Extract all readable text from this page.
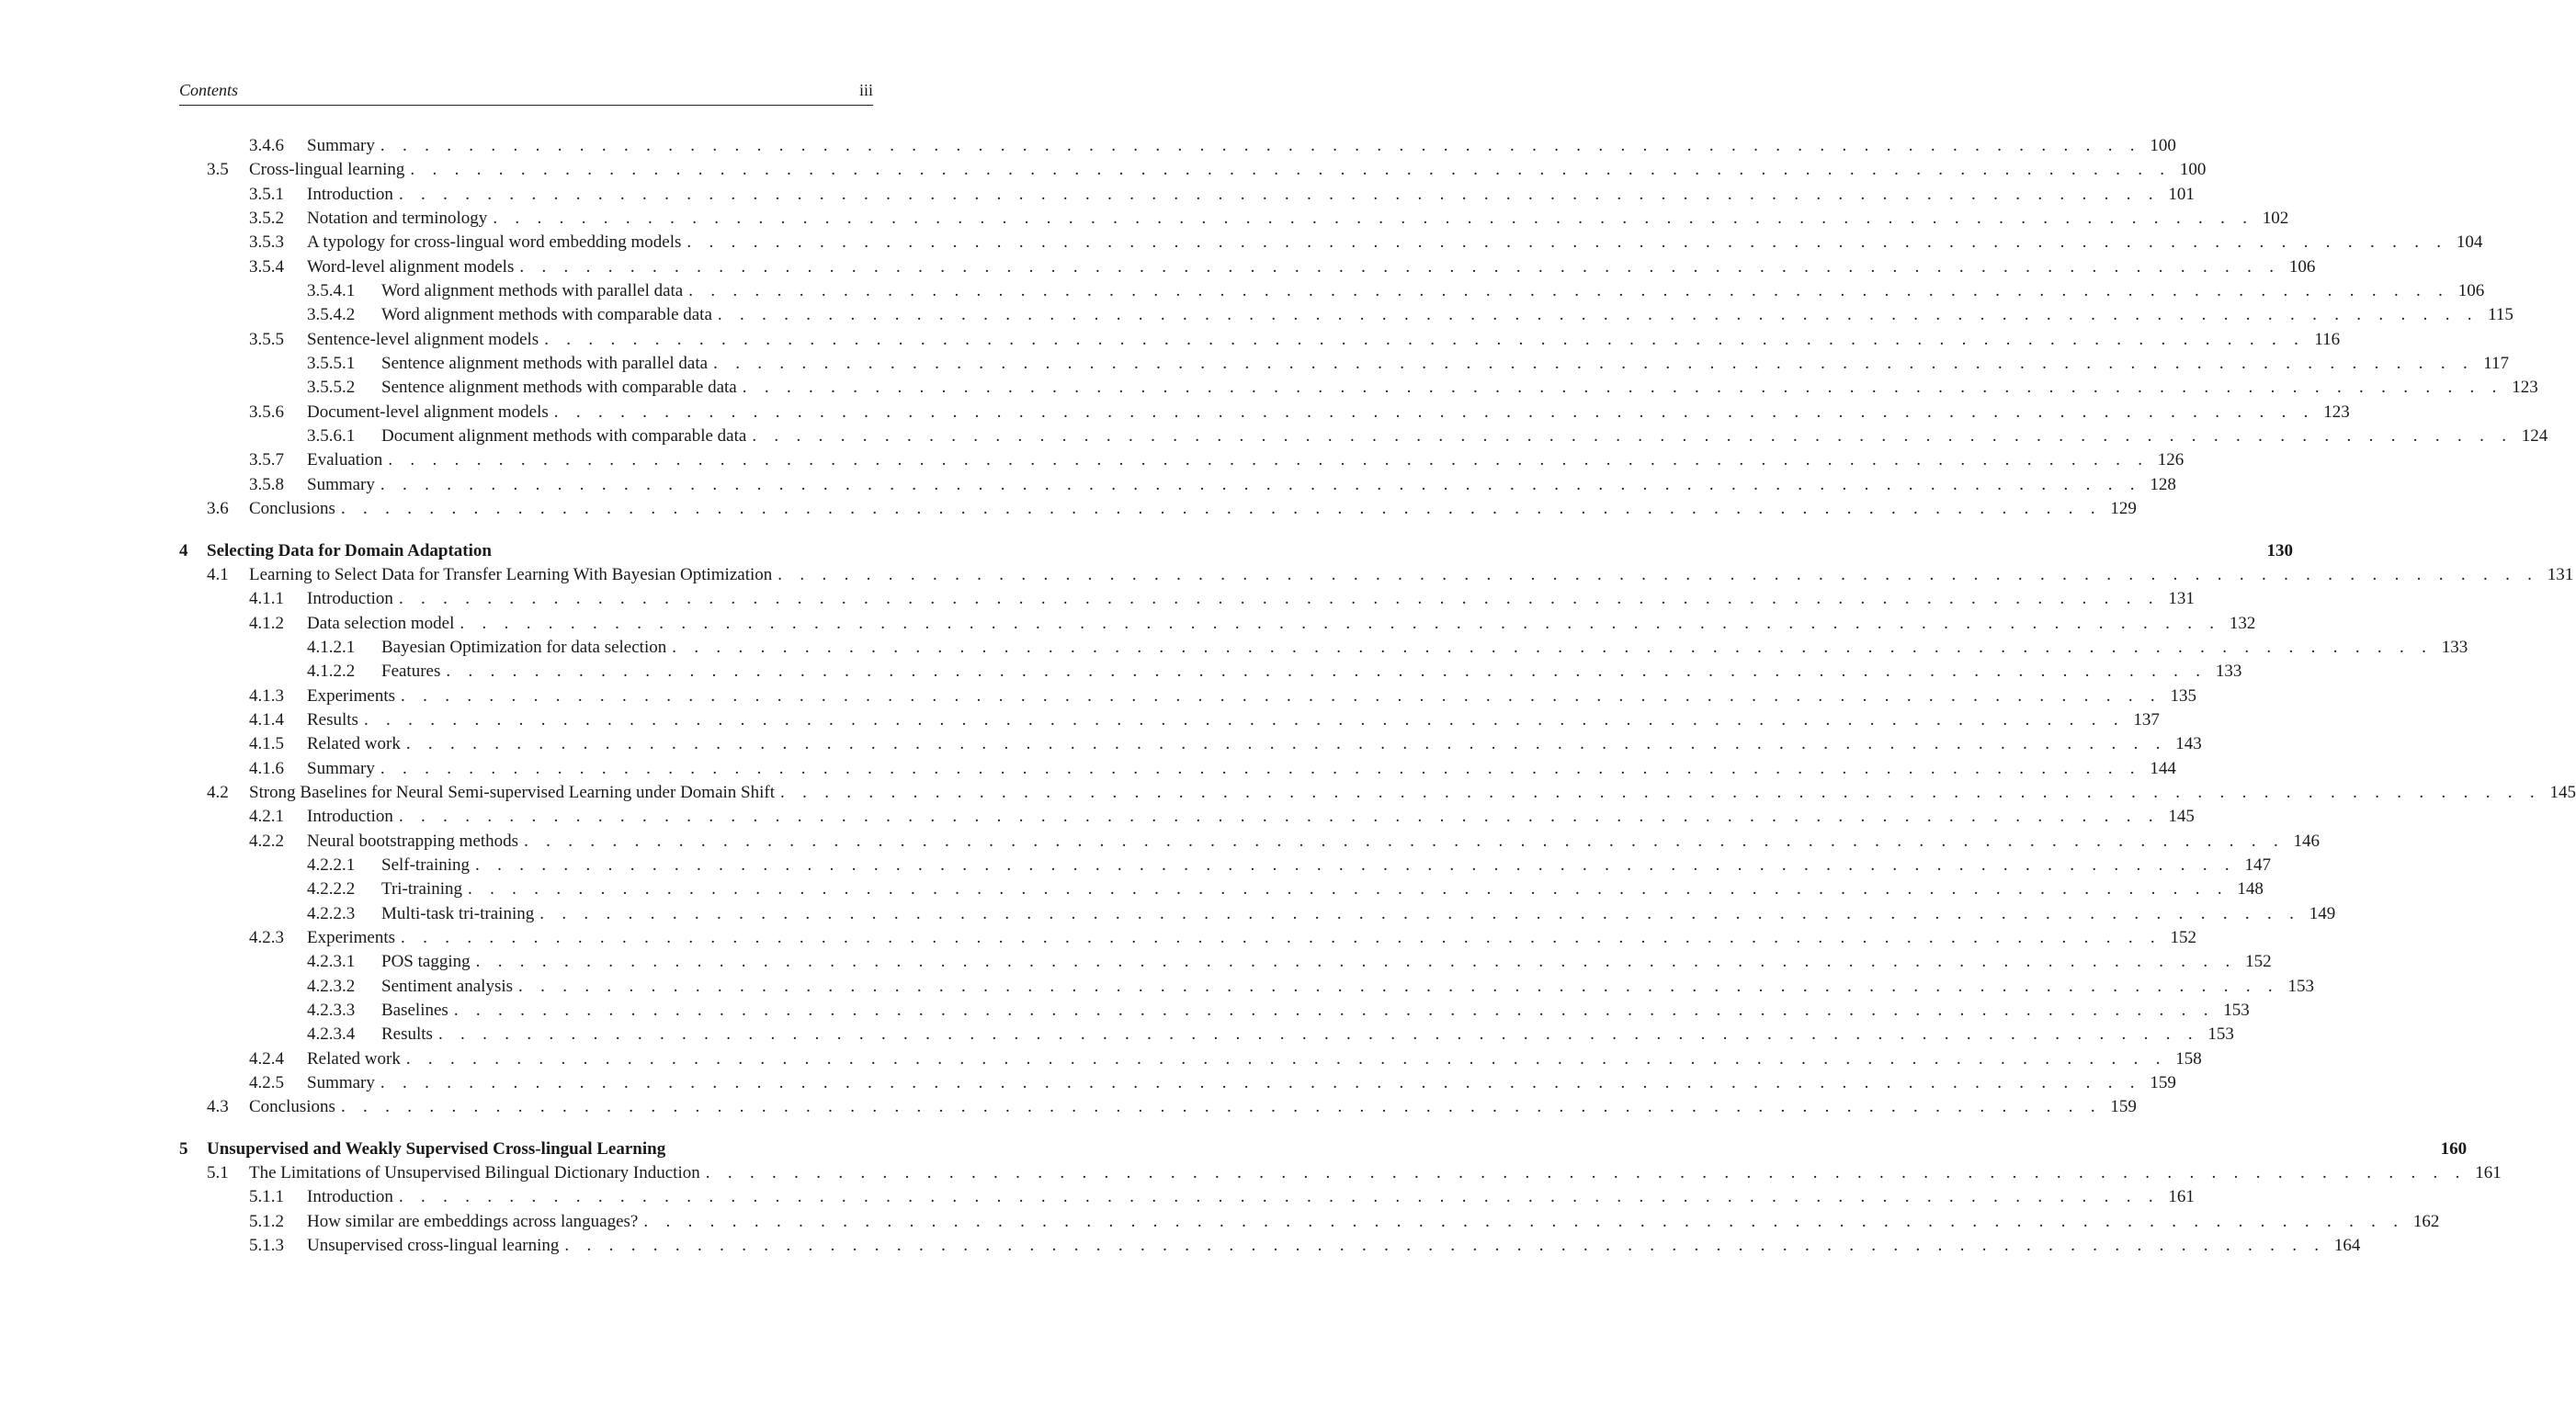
Contents	iii
3.4.6 Summary . . . . . . . . . . . . . . . . . . . . . . . . . . . . . . . . . . . . . . . . . . . . . . . . . . . . . . . . . . . . . . . . . . . . . . . . . . . . . . . . 100
3.5 Cross-lingual learning . . . . . . . . . . . . . . . . . . . . . . . . . . . . . . . . . . . . . . . . . . . . . . . . . . . . . . . . . . . . . . . . . . . . . . . . . . . . . . . . 100
3.5.1 Introduction . . . . . . . . . . . . . . . . . . . . . . . . . . . . . . . . . . . . . . . . . . . . . . . . . . . . . . . . . . . . . . . . . . . . . . . . . . . . . . . . 101
3.5.2 Notation and terminology . . . . . . . . . . . . . . . . . . . . . . . . . . . . . . . . . . . . . . . . . . . . . . . . . . . . . . . . . . . . . . . . . . . . . . . . . . . . . . . . 102
3.5.3 A typology for cross-lingual word embedding models . . . . . . . . . . . . . . . . . . . . . . . . . . . . . . . . . . . . . . . . . . . . . . . . . . . . . . . . . . . . . . . . . . . . . . . . . . . . . . . . 104
3.5.4 Word-level alignment models . . . . . . . . . . . . . . . . . . . . . . . . . . . . . . . . . . . . . . . . . . . . . . . . . . . . . . . . . . . . . . . . . . . . . . . . . . . . . . . . 106
3.5.4.1 Word alignment methods with parallel data . . . . . . . . . . . . . . . . . . . . . . . . . . . . . . . . . . . . . . . . . . . . . . . . . . . . . . . . . . . . . . . . . . . . . . . . . . . . . . . . 106
3.5.4.2 Word alignment methods with comparable data . . . . . . . . . . . . . . . . . . . . . . . . . . . . . . . . . . . . . . . . . . . . . . . . . . . . . . . . . . . . . . . . . . . . . . . . . . . . . . . . 115
3.5.5 Sentence-level alignment models . . . . . . . . . . . . . . . . . . . . . . . . . . . . . . . . . . . . . . . . . . . . . . . . . . . . . . . . . . . . . . . . . . . . . . . . . . . . . . . . 116
3.5.5.1 Sentence alignment methods with parallel data . . . . . . . . . . . . . . . . . . . . . . . . . . . . . . . . . . . . . . . . . . . . . . . . . . . . . . . . . . . . . . . . . . . . . . . . . . . . . . . . 117
3.5.5.2 Sentence alignment methods with comparable data . . . . . . . . . . . . . . . . . . . . . . . . . . . . . . . . . . . . . . . . . . . . . . . . . . . . . . . . . . . . . . . . . . . . . . . . . . . . . . . . 123
3.5.6 Document-level alignment models . . . . . . . . . . . . . . . . . . . . . . . . . . . . . . . . . . . . . . . . . . . . . . . . . . . . . . . . . . . . . . . . . . . . . . . . . . . . . . . . 123
3.5.6.1 Document alignment methods with comparable data . . . . . . . . . . . . . . . . . . . . . . . . . . . . . . . . . . . . . . . . . . . . . . . . . . . . . . . . . . . . . . . . . . . . . . . . . . . . . . . . 124
3.5.7 Evaluation . . . . . . . . . . . . . . . . . . . . . . . . . . . . . . . . . . . . . . . . . . . . . . . . . . . . . . . . . . . . . . . . . . . . . . . . . . . . . . . . 126
3.5.8 Summary . . . . . . . . . . . . . . . . . . . . . . . . . . . . . . . . . . . . . . . . . . . . . . . . . . . . . . . . . . . . . . . . . . . . . . . . . . . . . . . . 128
3.6 Conclusions . . . . . . . . . . . . . . . . . . . . . . . . . . . . . . . . . . . . . . . . . . . . . . . . . . . . . . . . . . . . . . . . . . . . . . . . . . . . . . . . 129
4 Selecting Data for Domain Adaptation	130
4.1 Learning to Select Data for Transfer Learning With Bayesian Optimization . . . . . . . . . . . . . . . . . . . . . . . . . . . . . . . . . . . . . . . . . . . . . . . . . . . . . . . . . . . . . . . . . . . . . . . . . . . . . . . . 131
4.1.1 Introduction . . . . . . . . . . . . . . . . . . . . . . . . . . . . . . . . . . . . . . . . . . . . . . . . . . . . . . . . . . . . . . . . . . . . . . . . . . . . . . . . 131
4.1.2 Data selection model . . . . . . . . . . . . . . . . . . . . . . . . . . . . . . . . . . . . . . . . . . . . . . . . . . . . . . . . . . . . . . . . . . . . . . . . . . . . . . . . 132
4.1.2.1 Bayesian Optimization for data selection . . . . . . . . . . . . . . . . . . . . . . . . . . . . . . . . . . . . . . . . . . . . . . . . . . . . . . . . . . . . . . . . . . . . . . . . . . . . . . . . 133
4.1.2.2 Features . . . . . . . . . . . . . . . . . . . . . . . . . . . . . . . . . . . . . . . . . . . . . . . . . . . . . . . . . . . . . . . . . . . . . . . . . . . . . . . . 133
4.1.3 Experiments . . . . . . . . . . . . . . . . . . . . . . . . . . . . . . . . . . . . . . . . . . . . . . . . . . . . . . . . . . . . . . . . . . . . . . . . . . . . . . . . 135
4.1.4 Results . . . . . . . . . . . . . . . . . . . . . . . . . . . . . . . . . . . . . . . . . . . . . . . . . . . . . . . . . . . . . . . . . . . . . . . . . . . . . . . . 137
4.1.5 Related work . . . . . . . . . . . . . . . . . . . . . . . . . . . . . . . . . . . . . . . . . . . . . . . . . . . . . . . . . . . . . . . . . . . . . . . . . . . . . . . . 143
4.1.6 Summary . . . . . . . . . . . . . . . . . . . . . . . . . . . . . . . . . . . . . . . . . . . . . . . . . . . . . . . . . . . . . . . . . . . . . . . . . . . . . . . . 144
4.2 Strong Baselines for Neural Semi-supervised Learning under Domain Shift . . . . . . . . . . . . . . . . . . . . . . . . . . . . . . . . . . . . . . . . . . . . . . . . . . . . . . . . . . . . . . . . . . . . . . . . . . . . . . . . 145
4.2.1 Introduction . . . . . . . . . . . . . . . . . . . . . . . . . . . . . . . . . . . . . . . . . . . . . . . . . . . . . . . . . . . . . . . . . . . . . . . . . . . . . . . . 145
4.2.2 Neural bootstrapping methods . . . . . . . . . . . . . . . . . . . . . . . . . . . . . . . . . . . . . . . . . . . . . . . . . . . . . . . . . . . . . . . . . . . . . . . . . . . . . . . . 146
4.2.2.1 Self-training . . . . . . . . . . . . . . . . . . . . . . . . . . . . . . . . . . . . . . . . . . . . . . . . . . . . . . . . . . . . . . . . . . . . . . . . . . . . . . . . 147
4.2.2.2 Tri-training . . . . . . . . . . . . . . . . . . . . . . . . . . . . . . . . . . . . . . . . . . . . . . . . . . . . . . . . . . . . . . . . . . . . . . . . . . . . . . . . 148
4.2.2.3 Multi-task tri-training . . . . . . . . . . . . . . . . . . . . . . . . . . . . . . . . . . . . . . . . . . . . . . . . . . . . . . . . . . . . . . . . . . . . . . . . . . . . . . . . 149
4.2.3 Experiments . . . . . . . . . . . . . . . . . . . . . . . . . . . . . . . . . . . . . . . . . . . . . . . . . . . . . . . . . . . . . . . . . . . . . . . . . . . . . . . . 152
4.2.3.1 POS tagging . . . . . . . . . . . . . . . . . . . . . . . . . . . . . . . . . . . . . . . . . . . . . . . . . . . . . . . . . . . . . . . . . . . . . . . . . . . . . . . . 152
4.2.3.2 Sentiment analysis . . . . . . . . . . . . . . . . . . . . . . . . . . . . . . . . . . . . . . . . . . . . . . . . . . . . . . . . . . . . . . . . . . . . . . . . . . . . . . . . 153
4.2.3.3 Baselines . . . . . . . . . . . . . . . . . . . . . . . . . . . . . . . . . . . . . . . . . . . . . . . . . . . . . . . . . . . . . . . . . . . . . . . . . . . . . . . . 153
4.2.3.4 Results . . . . . . . . . . . . . . . . . . . . . . . . . . . . . . . . . . . . . . . . . . . . . . . . . . . . . . . . . . . . . . . . . . . . . . . . . . . . . . . . 153
4.2.4 Related work . . . . . . . . . . . . . . . . . . . . . . . . . . . . . . . . . . . . . . . . . . . . . . . . . . . . . . . . . . . . . . . . . . . . . . . . . . . . . . . . 158
4.2.5 Summary . . . . . . . . . . . . . . . . . . . . . . . . . . . . . . . . . . . . . . . . . . . . . . . . . . . . . . . . . . . . . . . . . . . . . . . . . . . . . . . . 159
4.3 Conclusions . . . . . . . . . . . . . . . . . . . . . . . . . . . . . . . . . . . . . . . . . . . . . . . . . . . . . . . . . . . . . . . . . . . . . . . . . . . . . . . . 159
5 Unsupervised and Weakly Supervised Cross-lingual Learning	160
5.1 The Limitations of Unsupervised Bilingual Dictionary Induction . . . . . . . . . . . . . . . . . . . . . . . . . . . . . . . . . . . . . . . . . . . . . . . . . . . . . . . . . . . . . . . . . . . . . . . . . . . . . . . . 161
5.1.1 Introduction . . . . . . . . . . . . . . . . . . . . . . . . . . . . . . . . . . . . . . . . . . . . . . . . . . . . . . . . . . . . . . . . . . . . . . . . . . . . . . . . 161
5.1.2 How similar are embeddings across languages? . . . . . . . . . . . . . . . . . . . . . . . . . . . . . . . . . . . . . . . . . . . . . . . . . . . . . . . . . . . . . . . . . . . . . . . . . . . . . . . . 162
5.1.3 Unsupervised cross-lingual learning . . . . . . . . . . . . . . . . . . . . . . . . . . . . . . . . . . . . . . . . . . . . . . . . . . . . . . . . . . . . . . . . . . . . . . . . . . . . . . . . 164
